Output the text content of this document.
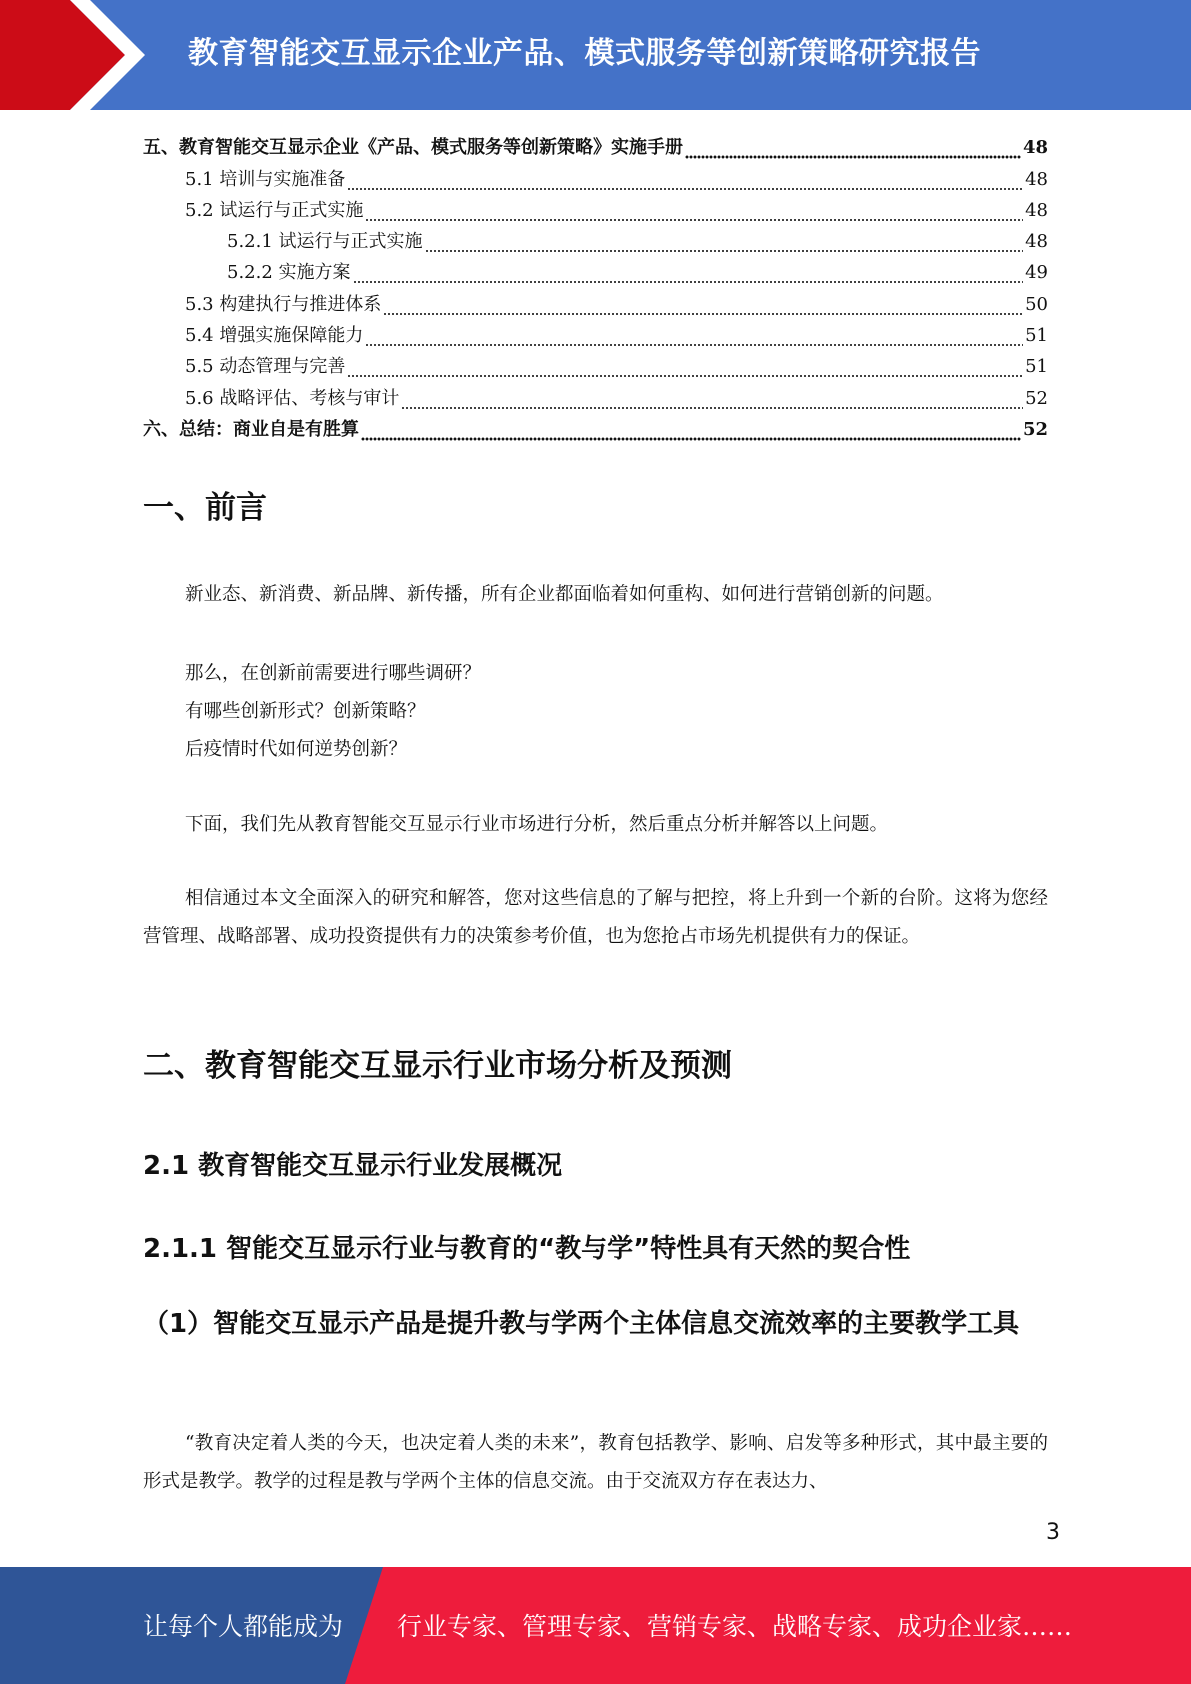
教育智能交互显示企业产品、模式服务等创新策略研究报告
五、教育智能交互显示企业《产品、模式服务等创新策略》实施手册	48
5.1 培训与实施准备	48
5.2 试运行与正式实施	48
5.2.1 试运行与正式实施	48
5.2.2 实施方案	49
5.3 构建执行与推进体系	50
5.4 增强实施保障能力	51
5.5 动态管理与完善	51
5.6 战略评估、考核与审计	52
六、总结：商业自是有胜算	52
一、前言
新业态、新消费、新品牌、新传播，所有企业都面临着如何重构、如何进行营销创新的问题。
那么，在创新前需要进行哪些调研？
有哪些创新形式？创新策略？
后疫情时代如何逆势创新？
下面，我们先从教育智能交互显示行业市场进行分析，然后重点分析并解答以上问题。
相信通过本文全面深入的研究和解答，您对这些信息的了解与把控，将上升到一个新的台阶。这将为您经营管理、战略部署、成功投资提供有力的决策参考价值，也为您抢占市场先机提供有力的保证。
二、教育智能交互显示行业市场分析及预测
2.1 教育智能交互显示行业发展概况
2.1.1 智能交互显示行业与教育的“教与学”特性具有天然的契合性
（1）智能交互显示产品是提升教与学两个主体信息交流效率的主要教学工具
“教育决定着人类的今天，也决定着人类的未来”，教育包括教学、影响、启发等多种形式，其中最主要的形式是教学。教学的过程是教与学两个主体的信息交流。由于交流双方存在表达力、
3
让每个人都能成为 行业专家、管理专家、营销专家、战略专家、成功企业家……
